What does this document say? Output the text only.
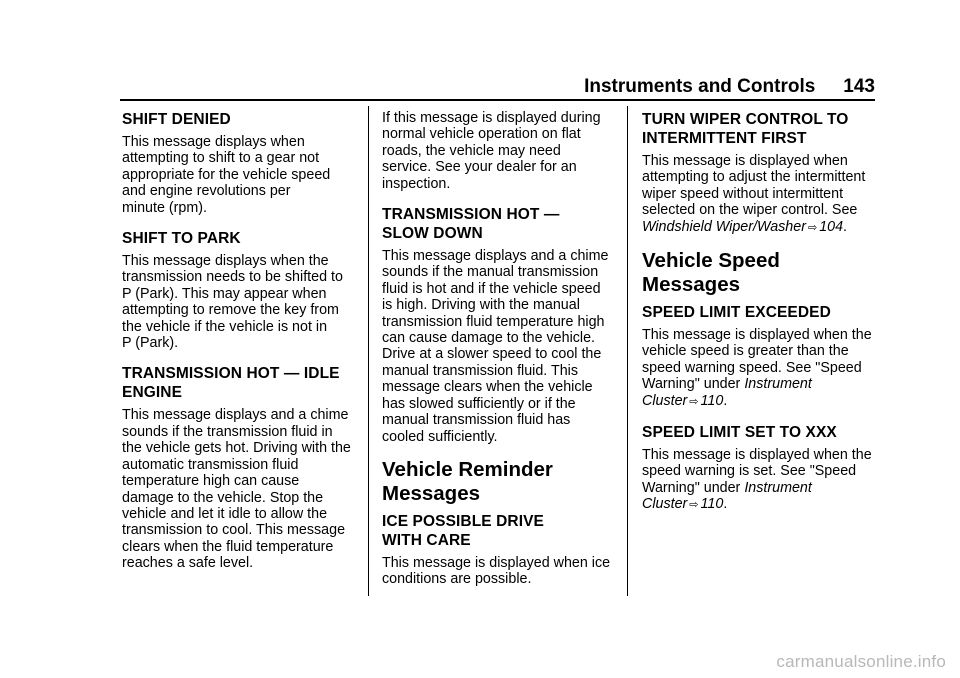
Instruments and Controls 143
SHIFT DENIED

This message displays when
attempting to shift to a gear not
appropriate for the vehicle speed
and engine revolutions per
minute (rpm).

SHIFT TO PARK

This message displays when the
transmission needs to be shifted to
P (Park). This may appear when
attempting to remove the key from
the vehicle if the vehicle is not in
P (Park).

TRANSMISSION HOT — IDLE
ENGINE

This message displays and a chime
sounds if the transmission fluid in
the vehicle gets hot. Driving with the
automatic transmission fluid
temperature high can cause
damage to the vehicle. Stop the
vehicle and let it idle to allow the
transmission to cool. This message
clears when the fluid temperature
reaches a safe level.

If this message is displayed during
normal vehicle operation on flat
roads, the vehicle may need
service. See your dealer for an
inspection.

TRANSMISSION HOT —
SLOW DOWN

This message displays and a chime
sounds if the manual transmission
fluid is hot and if the vehicle speed
is high. Driving with the manual
transmission fluid temperature high
can cause damage to the vehicle.
Drive at a slower speed to cool the
manual transmission fluid. This
message clears when the vehicle
has slowed sufficiently or if the
manual transmission fluid has
cooled sufficiently.

Vehicle Reminder
Messages
ICE POSSIBLE DRIVE
WITH CARE

This message is displayed when ice
conditions are possible.

TURN WIPER CONTROL TO
INTERMITTENT FIRST

This message is displayed when
attempting to adjust the intermittent
wiper speed without intermittent
selected on the wiper control. See
Windshield Wiper/Washer ⇨ 104.

Vehicle Speed Messages
SPEED LIMIT EXCEEDED

This message is displayed when the
vehicle speed is greater than the
speed warning speed. See "Speed
Warning" under Instrument
Cluster ⇨ 110.

SPEED LIMIT SET TO XXX

This message is displayed when the
speed warning is set. See "Speed
Warning" under Instrument
Cluster ⇨ 110.

carmanualsonline.info
